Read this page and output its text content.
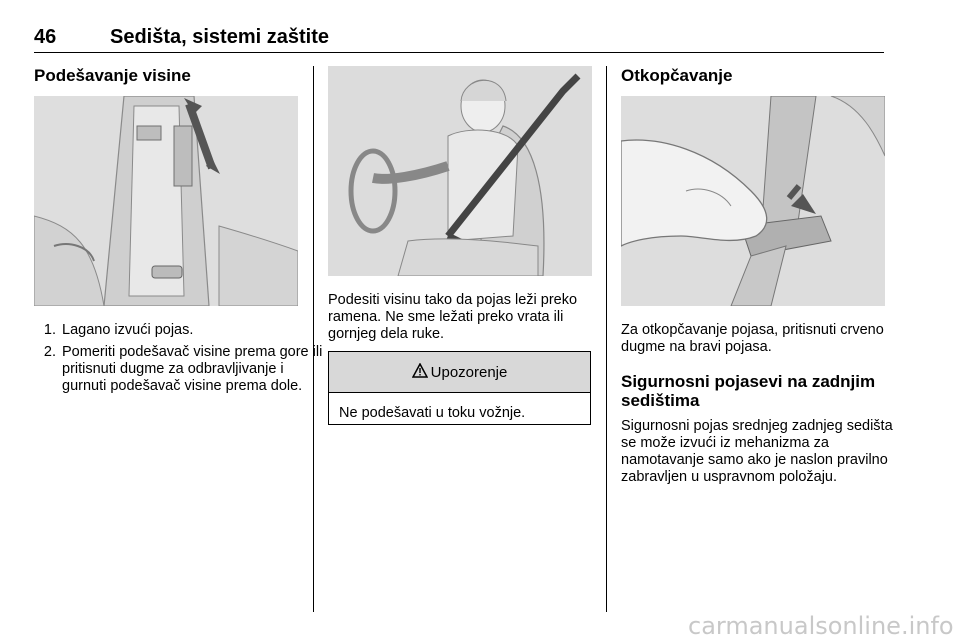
46	Sedišta, sistemi zaštite
Podešavanje visine
1. Lagano izvući pojas.
2. Pomeriti podešavač visine prema gore ili pritisnuti dugme za odbravljivanje i gurnuti podešavač visine prema dole.
Podesiti visinu tako da pojas leži preko ramena. Ne sme ležati preko vrata ili gornjeg dela ruke.
Upozorenje
Ne podešavati u toku vožnje.
Otkopčavanje
Za otkopčavanje pojasa, pritisnuti crveno dugme na bravi pojasa.
Sigurnosni pojasevi na zadnjim sedištima
Sigurnosni pojas srednjeg zadnjeg sedišta se može izvući iz mehanizma za namotavanje samo ako je naslon pravilno zabravljen u uspravnom položaju.
carmanualsonline.info
